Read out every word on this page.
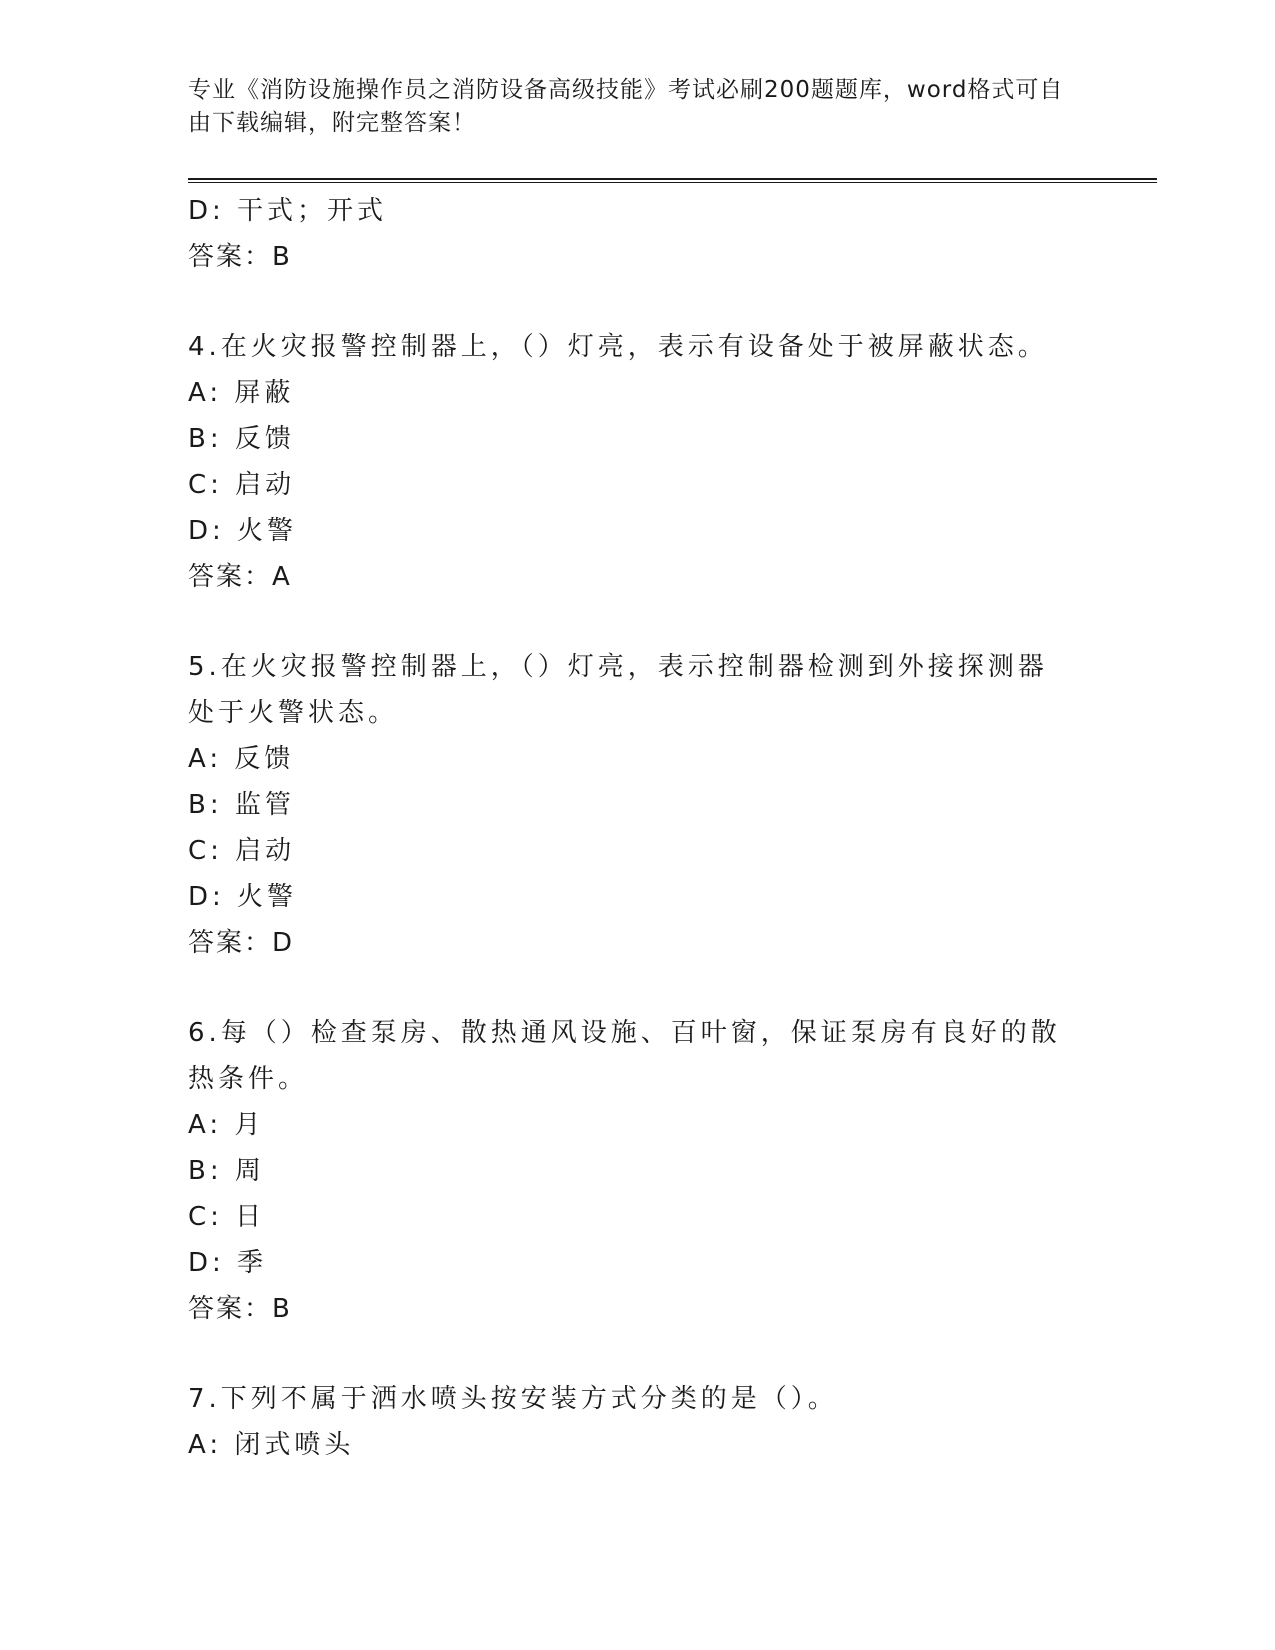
专业《消防设施操作员之消防设备高级技能》考试必刷200题题库，word格式可自由下载编辑，附完整答案！
D: 干式；开式
答案：B
4.在火灾报警控制器上，（）灯亮，表示有设备处于被屏蔽状态。
A: 屏蔽
B: 反馈
C: 启动
D: 火警
答案：A
5.在火灾报警控制器上，（）灯亮，表示控制器检测到外接探测器处于火警状态。
A: 反馈
B: 监管
C: 启动
D: 火警
答案：D
6.每（）检查泵房、散热通风设施、百叶窗，保证泵房有良好的散热条件。
A: 月
B: 周
C: 日
D: 季
答案：B
7.下列不属于洒水喷头按安装方式分类的是（）。
A: 闭式喷头
